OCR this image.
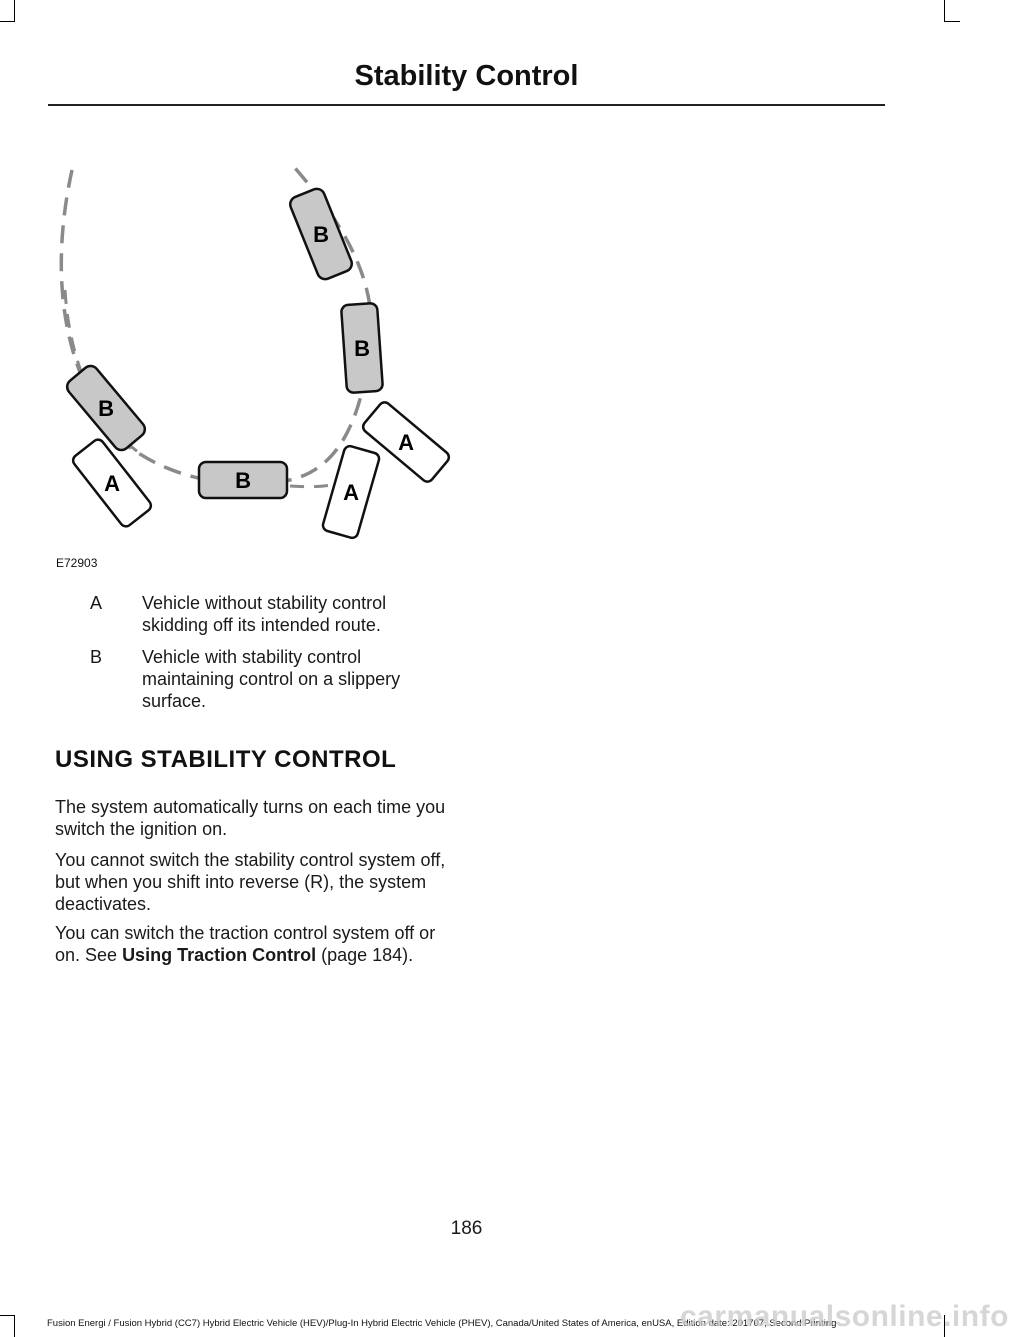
Stability Control
B
B
B
B
A	A
A
E72903
A	Vehicle without stability control skidding off its intended route.
B	Vehicle with stability control maintaining control on a slippery surface.
USING STABILITY CONTROL
The system automatically turns on each time you switch the ignition on.
You cannot switch the stability control system off, but when you shift into reverse (R), the system deactivates.
You can switch the traction control system off or on. See Using Traction Control (page 184).
186
Fusion Energi / Fusion Hybrid (CC7) Hybrid Electric Vehicle (HEV)/Plug-In Hybrid Electric Vehicle (PHEV), Canada/United States of America, enUSA, Edition date: 201707, Second Printing
carmanualsonline.info
